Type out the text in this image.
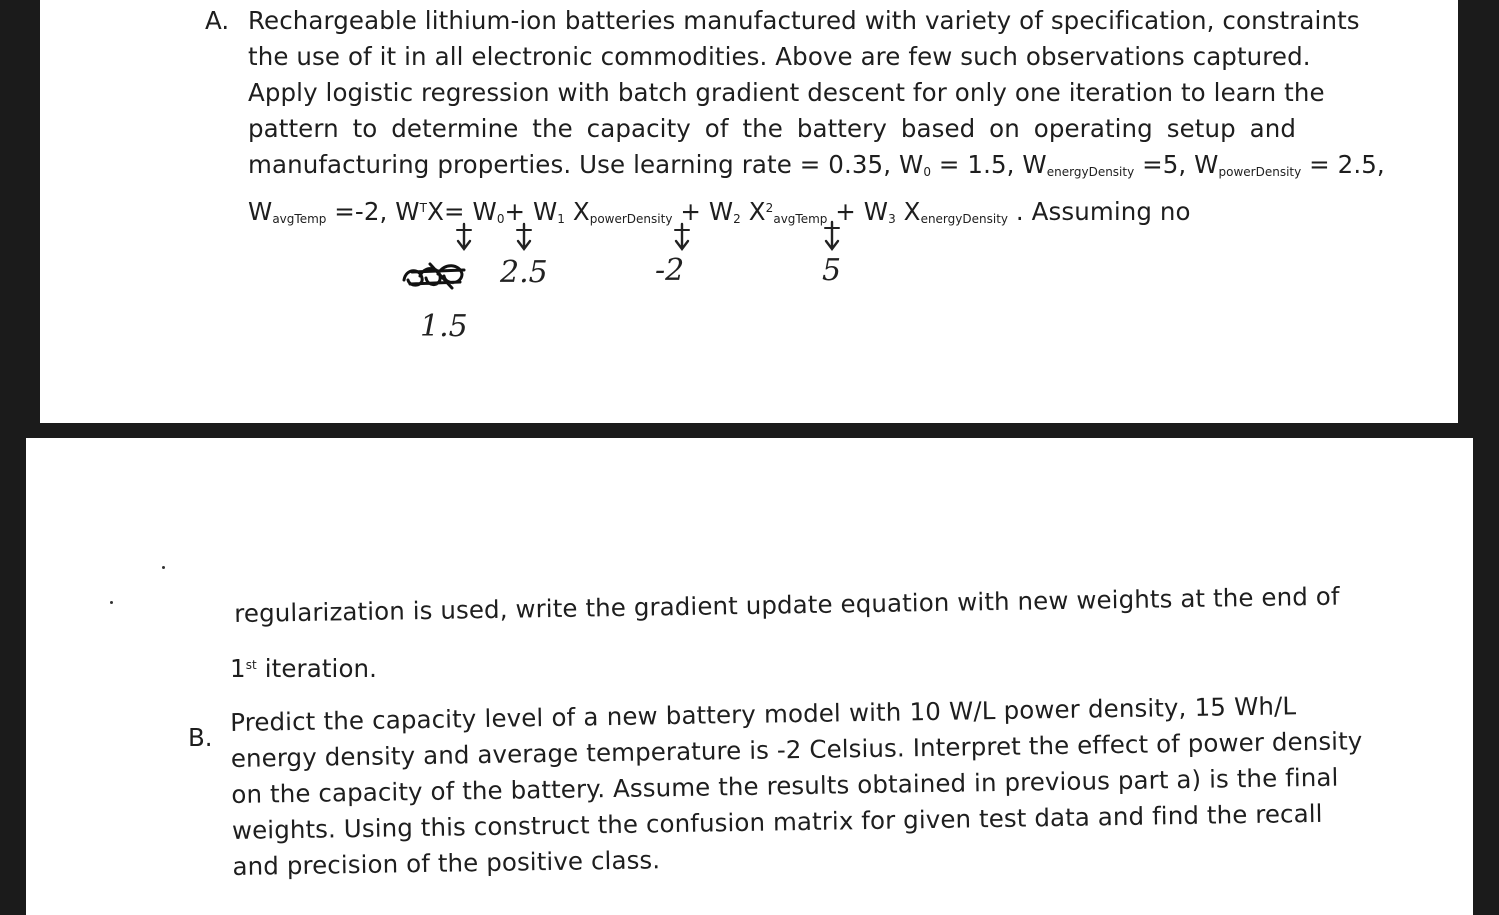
A. Rechargeable lithium-ion batteries manufactured with variety of specification, constraints
the use of it in all electronic commodities. Above are few such observations captured.
Apply logistic regression with batch gradient descent for only one iteration to learn the
pattern to determine the capacity of the battery based on operating setup and
manufacturing properties. Use learning rate = 0.35, $W_0 = 1.5$, $W_{energyDensity} =5$, $W_{powerDensity} = 2.5$,
$W_{avgTemp} =-2$, $W^TX= W_0+ W_1$ $X_{powerDensity} + W_2$ $X^2_{avgTemp} + W_3$ $X_{energyDensity}$ . Assuming no
2.5	-2	5
1.5
regularization is used, write the gradient update equation with new weights at the end of
1st iteration.
B.
Predict the capacity level of a new battery model with 10 W/L power density, 15 Wh/L
energy density and average temperature is -2 Celsius. Interpret the effect of power density
on the capacity of the battery. Assume the results obtained in previous part a) is the final
weights. Using this construct the confusion matrix for given test data and find the recall
and precision of the positive class.
